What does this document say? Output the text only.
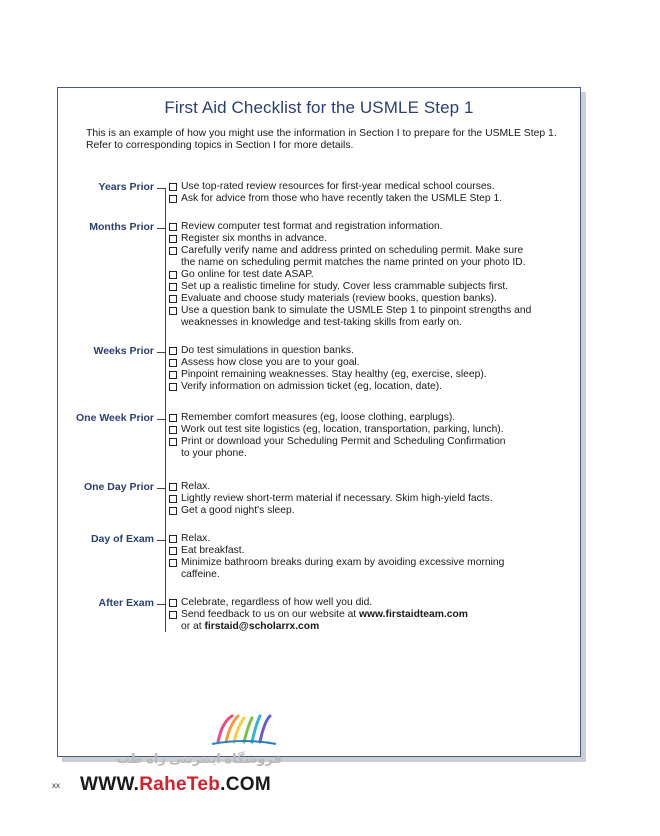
First Aid Checklist for the USMLE Step 1

This is an example of how you might use the information in Section I to prepare for the USMLE Step 1. Refer to corresponding topics in Section I for more details.

Years Prior	Use top-rated review resources for first-year medical school courses.
Ask for advice from those who have recently taken the USMLE Step 1.
Months Prior	Review computer test format and registration information.
Register six months in advance.
Carefully verify name and address printed on scheduling permit. Make sure
the name on scheduling permit matches the name printed on your photo ID.
Go online for test date ASAP.
Set up a realistic timeline for study. Cover less crammable subjects first.
Evaluate and choose study materials (review books, question banks).
Use a question bank to simulate the USMLE Step 1 to pinpoint strengths and
weaknesses in knowledge and test-taking skills from early on.
Weeks Prior	Do test simulations in question banks.
Assess how close you are to your goal.
Pinpoint remaining weaknesses. Stay healthy (eg, exercise, sleep).
Verify information on admission ticket (eg, location, date).
One Week Prior	Remember comfort measures (eg, loose clothing, earplugs).
Work out test site logistics (eg, location, transportation, parking, lunch).
Print or download your Scheduling Permit and Scheduling Confirmation
to your phone.
One Day Prior	Relax.
Lightly review short-term material if necessary. Skim high-yield facts.
Get a good night's sleep.
Day of Exam	Relax.
Eat breakfast.
Minimize bathroom breaks during exam by avoiding excessive morning
caffeine.
After Exam	Celebrate, regardless of how well you did.
Send feedback to us on our website at www.firstaidteam.com
or at firstaid@scholarrx.com
xx
فروشگاه اینترنتی راه طب
WWW.RaheTeb.COM
